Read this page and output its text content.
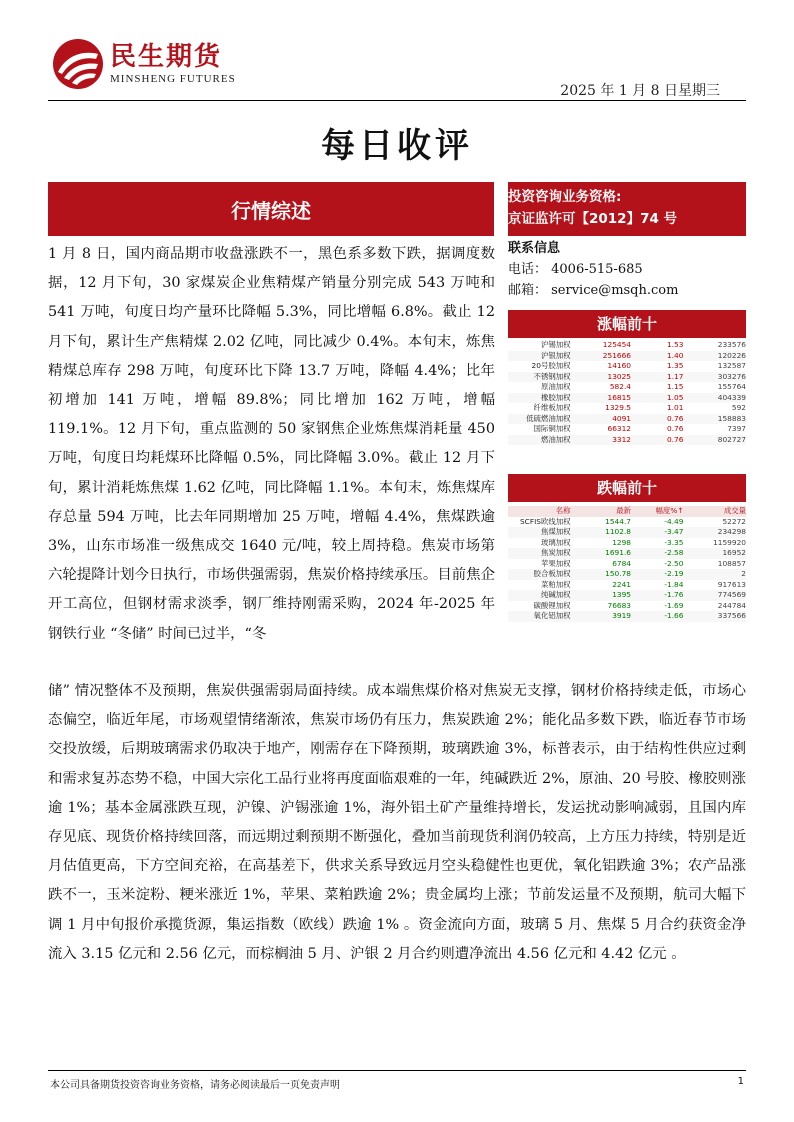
民生期货
MINSHENG FUTURES
2025 年 1 月 8 日星期三
每日收评
行情综述
1 月 8 日，国内商品期市收盘涨跌不一，黑色系多数下跌，据调度数据，12 月下旬，30 家煤炭企业焦精煤产销量分别完成 543 万吨和 541 万吨，旬度日均产量环比降幅 5.3%，同比增幅 6.8%。截止 12 月下旬，累计生产焦精煤 2.02 亿吨，同比减少 0.4%。本旬末，炼焦精煤总库存 298 万吨，旬度环比下降 13.7 万吨，降幅 4.4%；比年初增加 141 万吨，增幅 89.8%；同比增加 162 万吨，增幅 119.1%。12 月下旬，重点监测的 50 家钢焦企业炼焦煤消耗量 450 万吨，旬度日均耗煤环比降幅 0.5%，同比降幅 3.0%。截止 12 月下旬，累计消耗炼焦煤 1.62 亿吨，同比降幅 1.1%。本旬末，炼焦煤库存总量 594 万吨，比去年同期增加 25 万吨，增幅 4.4%，焦煤跌逾 3%，山东市场准一级焦成交 1640 元/吨，较上周持稳。焦炭市场第六轮提降计划今日执行，市场供强需弱，焦炭价格持续承压。目前焦企开工高位，但钢材需求淡季，钢厂维持刚需采购，2024 年-2025 年钢铁行业 “冬储” 时间已过半，“冬
储” 情况整体不及预期，焦炭供强需弱局面持续。成本端焦煤价格对焦炭无支撑，钢材价格持续走低，市场心态偏空，临近年尾，市场观望情绪渐浓，焦炭市场仍有压力，焦炭跌逾 2%；能化品多数下跌，临近春节市场交投放缓，后期玻璃需求仍取决于地产，刚需存在下降预期，玻璃跌逾 3%，标普表示，由于结构性供应过剩和需求复苏态势不稳，中国大宗化工品行业将再度面临艰难的一年，纯碱跌近 2%，原油、20 号胶、橡胶则涨逾 1%；基本金属涨跌互现，沪镍、沪锡涨逾 1%，海外铝土矿产量维持增长，发运扰动影响减弱，且国内库存见底、现货价格持续回落，而远期过剩预期不断强化，叠加当前现货利润仍较高，上方压力持续，特别是近月估值更高，下方空间充裕，在高基差下，供求关系导致远月空头稳健性也更优，氧化铝跌逾 3%；农产品涨跌不一，玉米淀粉、粳米涨近 1%，苹果、菜粕跌逾 2%；贵金属均上涨；节前发运量不及预期，航司大幅下调 1 月中旬报价承揽货源，集运指数（欧线）跌逾 1% 。资金流向方面，玻璃 5 月、焦煤 5 月合约获资金净流入 3.15 亿元和 2.56 亿元，而棕榈油 5 月、沪银 2 月合约则遭净流出 4.56 亿元和 4.42 亿元 。
投资咨询业务资格:
京证监许可【2012】74 号
联系信息
电话： 4006-515-685
邮箱： service@msqh.com
涨幅前十
沪锡加权	125454	1.53	233576
沪银加权	251666	1.40	120226
20号胶加权	14160	1.35	132587
不锈钢加权	13025	1.17	303276
原油加权	582.4	1.15	155764
橡胶加权	16815	1.05	404339
纤维板加权	1329.5	1.01	592
低硫燃油加权	4091	0.76	158883
国际铜加权	66312	0.76	7397
燃油加权	3312	0.76	802727
跌幅前十
名称	最新	幅度%↑	成交量
SCFIS欧线加权	1544.7	-4.49	52272
焦煤加权	1102.8	-3.47	234298
玻璃加权	1298	-3.35	1159920
焦炭加权	1691.6	-2.58	16952
苹果加权	6784	-2.50	108857
胶合板加权	150.78	-2.19	2
菜粕加权	2241	-1.84	917613
纯碱加权	1395	-1.76	774569
碳酸锂加权	76683	-1.69	244784
氧化铝加权	3919	-1.66	337566
本公司具备期货投资咨询业务资格，请务必阅读最后一页免责声明	1
